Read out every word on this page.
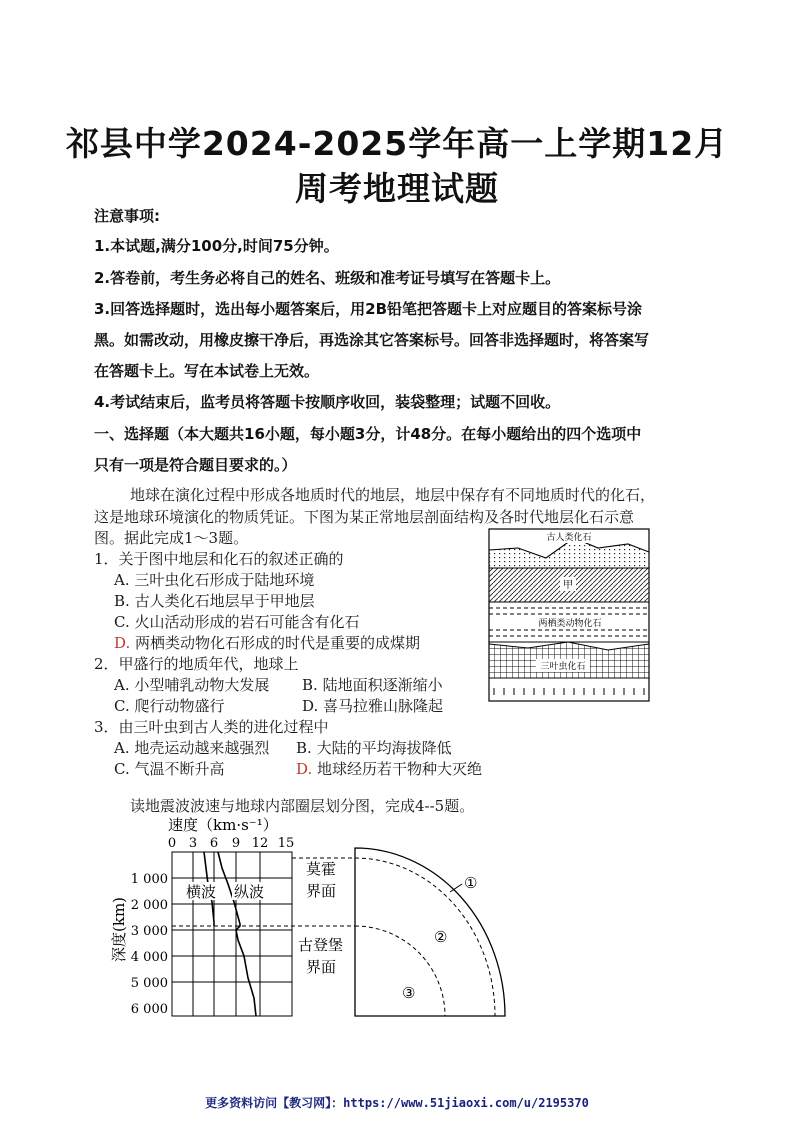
祁县中学2024-2025学年高一上学期12月
周考地理试题
注意事项:
1.本试题,满分100分,时间75分钟。
2.答卷前，考生务必将自己的姓名、班级和准考证号填写在答题卡上。
3.回答选择题时，选出每小题答案后，用2B铅笔把答题卡上对应题目的答案标号涂
黑。如需改动，用橡皮擦干净后，再选涂其它答案标号。回答非选择题时，将答案写
在答题卡上。写在本试卷上无效。
4.考试结束后，监考员将答题卡按顺序收回，装袋整理；试题不回收。
一、选择题（本大题共16小题，每小题3分，计48分。在每小题给出的四个选项中
只有一项是符合题目要求的。）
地球在演化过程中形成各地质时代的地层，地层中保存有不同地质时代的化石，
这是地球环境演化的物质凭证。下图为某正常地层剖面结构及各时代地层化石示意
图。据此完成1～3题。
1．关于图中地层和化石的叙述正确的
A. 三叶虫化石形成于陆地环境
B. 古人类化石地层早于甲地层
C. 火山活动形成的岩石可能含有化石
D. 两栖类动物化石形成的时代是重要的成煤期
2．甲盛行的地质年代，地球上
A. 小型哺乳动物大发展 B. 陆地面积逐渐缩小
C. 爬行动物盛行	D. 喜马拉雅山脉隆起
3．由三叶虫到古人类的进化过程中
A. 地壳运动越来越强烈 B. 大陆的平均海拔降低
C. 气温不断升高	D. 地球经历若干物种大灭绝
古人类化石
甲
两栖类动物化石
三叶虫化石
读地震波波速与地球内部圈层划分图，完成4--5题。
速度（km·s⁻¹）
0 3 6 9 12 15
1 000
2 000
3 000
4 000
5 000
6 000
深度(km)
横波 纵波
莫霍
界面
古登堡
界面
①
②
③
更多资料访问【教习网】：https://www.51jiaoxi.com/u/2195370
